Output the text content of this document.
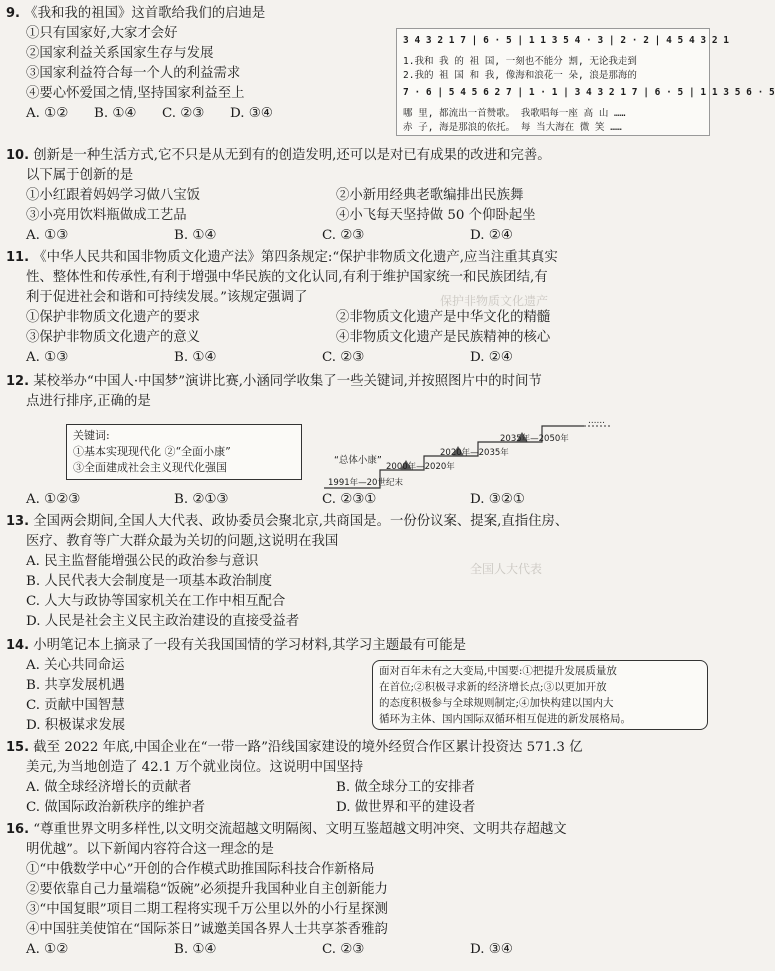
保护非物质文化遗产
全国人大代表
9. 《我和我的祖国》这首歌给我们的启迪是
①只有国家好,大家才会好
②国家利益关系国家生存与发展
③国家利益符合每一个人的利益需求
④要心怀爱国之情,坚持国家利益至上
A. ①②	B. ①④	C. ②③	D. ③④
3 4 3 2 1 7 | 6 · 5 | 1 1 3 5 4 · 3 | 2 · 2 | 4 5 4 3 2 1
1.我和 我 的 祖 国, 一刻也不能分 割, 无论我走到
2.我的 祖 国 和 我, 像海和浪花一 朵, 浪是那海的
7 · 6 | 5 4 5 6 2 7 | 1 · 1 | 3 4 3 2 1 7 | 6 · 5 | 1 1 3 5 6 · 5
哪 里, 都流出一首赞歌。 我歌唱每一座 高 山 ……
赤 子, 海是那浪的依托。 每 当大海在 微 笑 ……
10. 创新是一种生活方式,它不只是从无到有的创造发明,还可以是对已有成果的改进和完善。
以下属于创新的是
①小红跟着妈妈学习做八宝饭	②小新用经典老歌编排出民族舞
③小亮用饮料瓶做成工艺品	④小飞每天坚持做 50 个仰卧起坐
A. ①③	B. ①④	C. ②③	D. ②④
11. 《中华人民共和国非物质文化遗产法》第四条规定:“保护非物质文化遗产,应当注重其真实
性、整体性和传承性,有利于增强中华民族的文化认同,有利于维护国家统一和民族团结,有
利于促进社会和谐和可持续发展。”该规定强调了
①保护非物质文化遗产的要求	②非物质文化遗产是中华文化的精髓
③保护非物质文化遗产的意义	④非物质文化遗产是民族精神的核心
A. ①③	B. ①④	C. ②③	D. ②④
12. 某校举办“中国人·中国梦”演讲比赛,小涵同学收集了一些关键词,并按照图片中的时间节
点进行排序,正确的是
关键词:
①基本实现现代化 ②“全面小康”
③全面建成社会主义现代化强国
1991年—20世纪末
“总体小康”
2000年—2020年
2020年—2035年
2035年—2050年
……
A. ①②③	B. ②①③	C. ②③①	D. ③②①
13. 全国两会期间,全国人大代表、政协委员会聚北京,共商国是。一份份议案、提案,直指住房、
医疗、教育等广大群众最为关切的问题,这说明在我国
A. 民主监督能增强公民的政治参与意识
B. 人民代表大会制度是一项基本政治制度
C. 人大与政协等国家机关在工作中相互配合
D. 人民是社会主义民主政治建设的直接受益者
14. 小明笔记本上摘录了一段有关我国国情的学习材料,其学习主题最有可能是
A. 关心共同命运
B. 共享发展机遇
C. 贡献中国智慧
D. 积极谋求发展
面对百年未有之大变局,中国要:①把提升发展质量放
在首位;②积极寻求新的经济增长点;③以更加开放
的态度积极参与全球规则制定;④加快构建以国内大
循环为主体、国内国际双循环相互促进的新发展格局。
15. 截至 2022 年底,中国企业在“一带一路”沿线国家建设的境外经贸合作区累计投资达 571.3 亿
美元,为当地创造了 42.1 万个就业岗位。这说明中国坚持
A. 做全球经济增长的贡献者	B. 做全球分工的安排者
C. 做国际政治新秩序的维护者	D. 做世界和平的建设者
16. “尊重世界文明多样性,以文明交流超越文明隔阂、文明互鉴超越文明冲突、文明共存超越文
明优越”。以下新闻内容符合这一理念的是
①“中俄数学中心”开创的合作模式助推国际科技合作新格局
②要依靠自己力量端稳“饭碗”必须提升我国种业自主创新能力
③“中国复眼”项目二期工程将实现千万公里以外的小行星探测
④中国驻美使馆在“国际茶日”诚邀美国各界人士共享茶香雅韵
A. ①②	B. ①④	C. ②③	D. ③④
